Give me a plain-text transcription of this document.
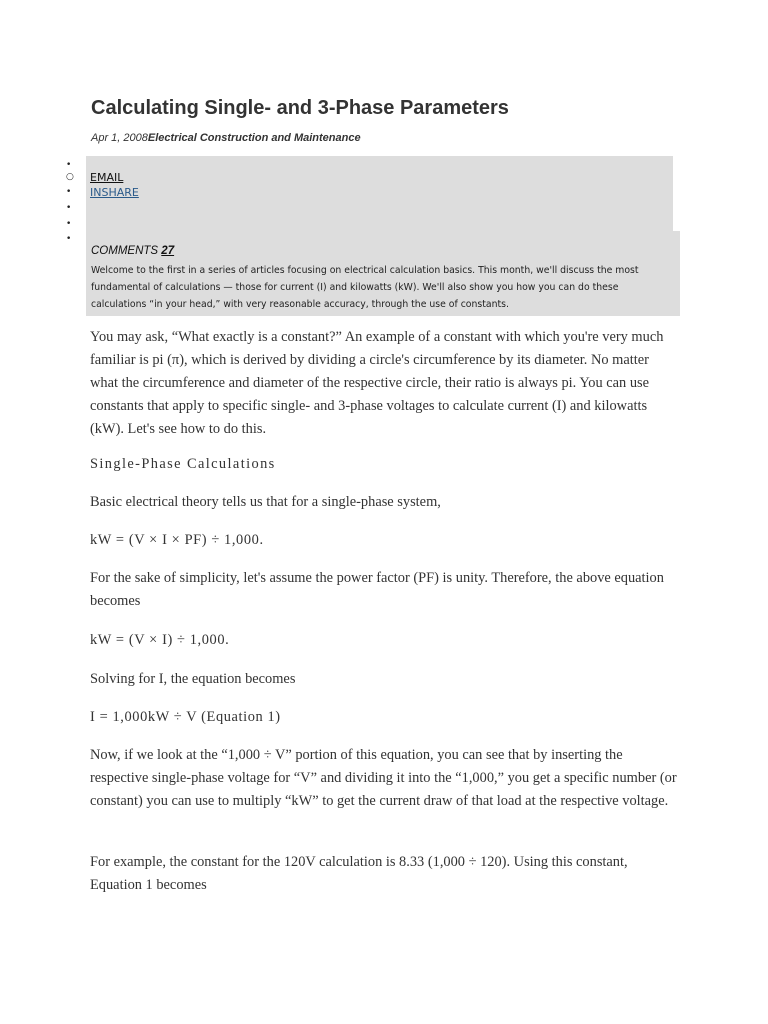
Calculating Single- and 3-Phase Parameters
Apr 1, 2008Electrical Construction and Maintenance
•
○
•
•
•
•
EMAIL
INSHARE
COMMENTS 27

Welcome to the first in a series of articles focusing on electrical calculation basics. This month, we'll discuss the most fundamental of calculations — those for current (I) and kilowatts (kW). We'll also show you how you can do these calculations “in your head,” with very reasonable accuracy, through the use of constants.

You may ask, “What exactly is a constant?” An example of a constant with which you're very much familiar is pi (π), which is derived by dividing a circle's circumference by its diameter. No matter what the circumference and diameter of the respective circle, their ratio is always pi. You can use constants that apply to specific single- and 3-phase voltages to calculate current (I) and kilowatts (kW). Let's see how to do this.

Single-Phase Calculations

Basic electrical theory tells us that for a single-phase system,

kW = (V × I × PF) ÷ 1,000.

For the sake of simplicity, let's assume the power factor (PF) is unity. Therefore, the above equation becomes

kW = (V × I) ÷ 1,000.

Solving for I, the equation becomes

I = 1,000kW ÷ V (Equation 1)

Now, if we look at the “1,000 ÷ V” portion of this equation, you can see that by inserting the respective single-phase voltage for “V” and dividing it into the “1,000,” you get a specific number (or constant) you can use to multiply “kW” to get the current draw of that load at the respective voltage.

For example, the constant for the 120V calculation is 8.33 (1,000 ÷ 120). Using this constant, Equation 1 becomes
